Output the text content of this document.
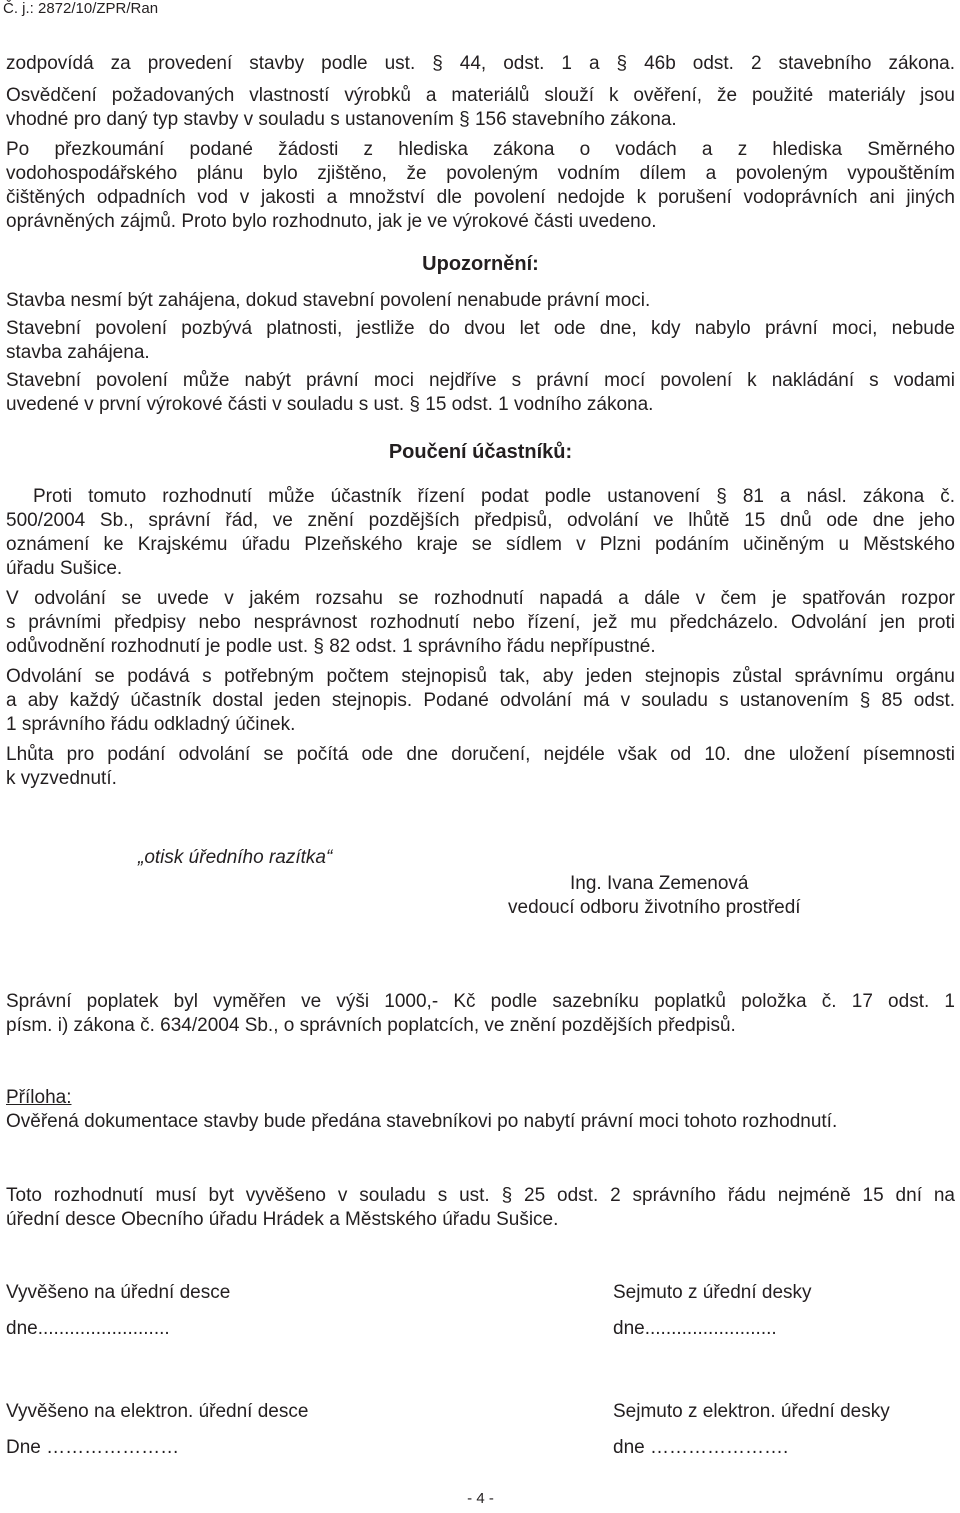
Č. j.: 2872/10/ZPR/Ran
zodpovídá za provedení stavby podle ust. § 44, odst. 1 a § 46b odst. 2 stavebního zákona.
Osvědčení požadovaných vlastností výrobků a materiálů slouží k ověření, že použité materiály jsou
vhodné pro daný typ stavby v souladu s ustanovením § 156 stavebního zákona.
Po přezkoumání podané žádosti z hlediska zákona o vodách a z hlediska Směrného
vodohospodářského plánu bylo zjištěno, že povoleným vodním dílem a povoleným vypouštěním
čištěných odpadních vod v jakosti a množství dle povolení nedojde k porušení vodoprávních ani jiných
oprávněných zájmů. Proto bylo rozhodnuto, jak je ve výrokové části uvedeno.
Upozornění:
Stavba nesmí být zahájena, dokud stavební povolení nenabude právní moci.
Stavební povolení pozbývá platnosti, jestliže do dvou let ode dne, kdy nabylo právní moci, nebude
stavba zahájena.
Stavební povolení může nabýt právní moci nejdříve s právní mocí povolení k nakládání s vodami
uvedené v první výrokové části v souladu s ust. § 15 odst. 1 vodního zákona.
Poučení účastníků:
Proti tomuto rozhodnutí může účastník řízení podat podle ustanovení § 81 a násl. zákona č.
500/2004 Sb., správní řád, ve znění pozdějších předpisů, odvolání ve lhůtě 15 dnů ode dne jeho
oznámení ke Krajskému úřadu Plzeňského kraje se sídlem v Plzni podáním učiněným u Městského
úřadu Sušice.
V odvolání se uvede v jakém rozsahu se rozhodnutí napadá a dále v čem je spatřován rozpor
s právními předpisy nebo nesprávnost rozhodnutí nebo řízení, jež mu předcházelo. Odvolání jen proti
odůvodnění rozhodnutí je podle ust. § 82 odst. 1 správního řádu nepřípustné.
Odvolání se podává s potřebným počtem stejnopisů tak, aby jeden stejnopis zůstal správnímu orgánu
a aby každý účastník dostal jeden stejnopis. Podané odvolání má v souladu s ustanovením § 85 odst.
1 správního řádu odkladný účinek.
Lhůta pro podání odvolání se počítá ode dne doručení, nejdéle však od 10. dne uložení písemnosti
k vyzvednutí.
„otisk úředního razítka“
Ing. Ivana Zemenová
vedoucí odboru životního prostředí
Správní poplatek byl vyměřen ve výši 1000,- Kč podle sazebníku poplatků položka č. 17 odst. 1
písm. i) zákona č. 634/2004 Sb., o správních poplatcích, ve znění pozdějších předpisů.
Příloha:
Ověřená dokumentace stavby bude předána stavebníkovi po nabytí právní moci tohoto rozhodnutí.
Toto rozhodnutí musí byt vyvěšeno v souladu s ust. § 25 odst. 2 správního řádu nejméně 15 dní na
úřední desce Obecního úřadu Hrádek a Městského úřadu Sušice.
Vyvěšeno na úřední desce	Sejmuto z úřední desky
dne.........................	dne.........................
Vyvěšeno na elektron. úřední desce	Sejmuto z elektron. úřední desky
Dne …………………	dne ………………….
- 4 -
